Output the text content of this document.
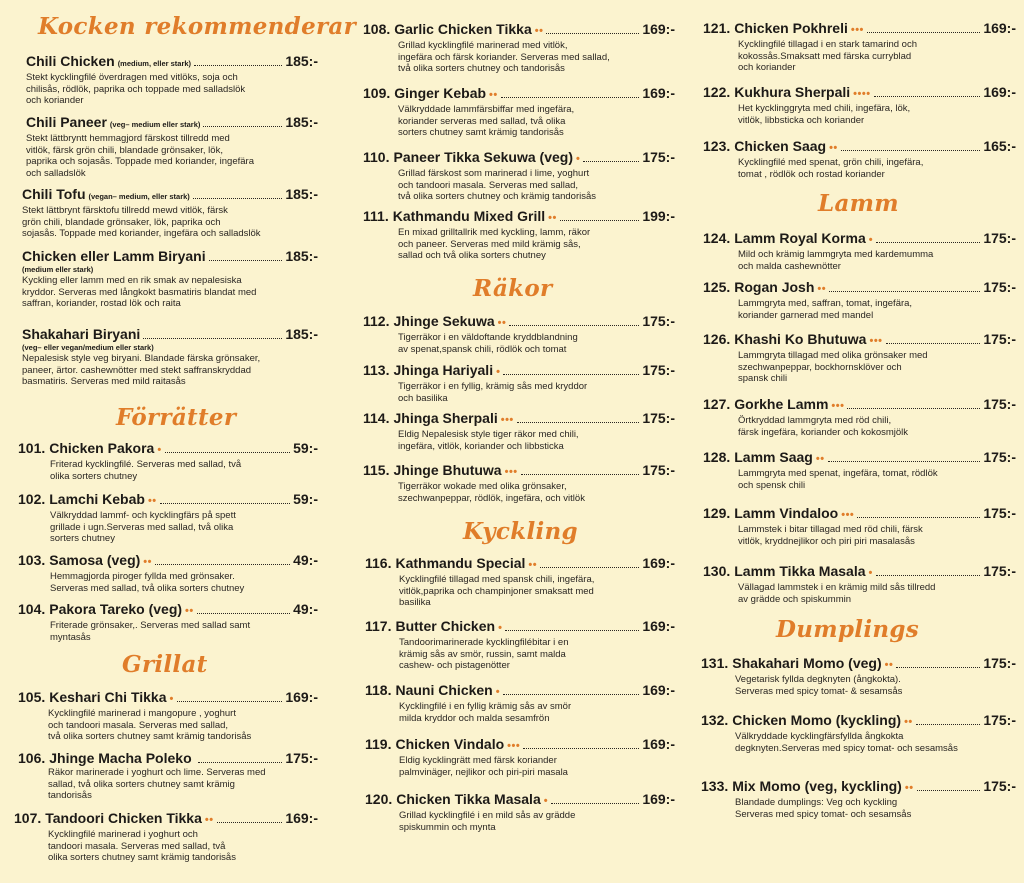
Kocken rekommenderar
Chili Chicken (medium, eller stark)	185:-

Stekt kycklingfilé överdragen med vitlöks, soja och
chilisås, rödlök, paprika och toppade med salladslök
och koriander

Chili Paneer (veg– medium eller stark)	185:-

Stekt lättbryntt hemmagjord färskost tillredd med
vitlök, färsk grön chili, blandade grönsaker, lök,
paprika och sojasås. Toppade med koriander, ingefära
och salladslök

Chili Tofu (vegan– medium, eller stark)	185:-

Stekt lättbrynt färsktofu tillredd mewd vitlök, färsk
grön chili, blandade grönsaker, lök, paprika och
sojasås. Toppade med koriander, ingefära och salladslök

Chicken eller Lamm Biryani	185:-

(medium eller stark)

Kyckling eller lamm med en rik smak av nepalesiska
kryddor. Serveras med långkokt basmatiris blandat med
saffran, koriander, rostad lök och raita

Shakahari Biryani	185:-

(veg– eller vegan/medium eller stark)

Nepalesisk style veg biryani. Blandade färska grönsaker,
paneer, ärtor. cashewnötter med stekt saffranskryddad
basmatiris. Serveras med mild raitasås

Förrätter
101. Chicken Pakora •	59:-

Friterad kycklingfilé. Serveras med sallad, två
olika sorters chutney

102. Lamchi Kebab ••	59:-

Välkryddad lammf- och kycklingfärs på spett
grillade i ugn.Serveras med sallad, två olika
sorters chutney

103. Samosa (veg) ••	49:-

Hemmagjorda piroger fyllda med grönsaker.
Serveras med sallad, två olika sorters chutney

104. Pakora Tareko (veg) ••	49:-

Friterade grönsaker,. Serveras med sallad samt
myntasås

Grillat
105. Keshari Chi Tikka •	169:-

Kycklingfilé marinerad i mangopure , yoghurt
och tandoori masala. Serveras med sallad,
två olika sorters chutney samt krämig tandorisås

106. Jhinge Macha Poleko	175:-

Räkor marinerade i yoghurt och lime. Serveras med
sallad, två olika sorters chutney samt krämig
tandorisås

107. Tandoori Chicken Tikka ••	169:-

Kycklingfilé marinerad i yoghurt och
tandoori masala. Serveras med sallad, två
olika sorters chutney samt krämig tandorisås

108. Garlic Chicken Tikka ••	169:-

Grillad kycklingfilé marinerad med vitlök,
ingefära och färsk koriander. Serveras med sallad,
två olika sorters chutney och tandorisås

109. Ginger Kebab ••	169:-

Välkryddade lammfärsbiffar med ingefära,
koriander serveras med sallad, två olika
sorters chutney samt krämig tandorisås

110. Paneer Tikka Sekuwa (veg) •	175:-

Grillad färskost som marinerad i lime, yoghurt
och tandoori masala. Serveras med sallad,
två olika sorters chutney och krämig tandorisås

111. Kathmandu Mixed Grill ••	199:-

En mixad grilltallrik med kyckling, lamm, räkor
och paneer. Serveras med mild krämig sås,
sallad och två olika sorters chutney

Räkor
112. Jhinge Sekuwa ••	175:-

Tigerräkor i en väldoftande kryddblandning
av spenat,spansk chili, rödlök och tomat

113. Jhinga Hariyali •	175:-

Tigerräkor i en fyllig, krämig sås med kryddor
och basilika

114. Jhinga Sherpali •••	175:-

Eldig Nepalesisk style tiger räkor med chili,
ingefära, vitlök, koriander och libbsticka

115. Jhinge Bhutuwa •••	175:-

Tigerräkor wokade med olika grönsaker,
szechwanpeppar, rödlök, ingefära, och vitlök

Kyckling
116. Kathmandu Special ••	169:-

Kycklingfilé tillagad med spansk chili, ingefära,
vitlök,paprika och champinjoner smaksatt med
basilika

117. Butter Chicken •	169:-

Tandoorimarinerade kycklingfilébitar i en
krämig sås av smör, russin, samt malda
cashew- och pistagenötter

118. Nauni Chicken •	169:-

Kycklingfilé i en fyllig krämig sås av smör
milda kryddor och malda sesamfrön

119. Chicken Vindalo •••	169:-

Eldig kycklingrätt med färsk koriander
palmvinäger, nejlikor och piri-piri masala

120. Chicken Tikka Masala •	169:-

Grillad kycklingfilé i en mild sås av grädde
spiskummin och mynta

121. Chicken Pokhreli •••	169:-

Kycklingfilé tillagad i en stark tamarind och
kokossås.Smaksatt med färska curryblad
och koriander

122. Kukhura Sherpali ••••	169:-

Het kycklinggryta med chili, ingefära, lök,
vitlök, libbsticka och koriander

123. Chicken Saag ••	165:-

Kycklingfilé med spenat, grön chili, ingefära,
tomat , rödlök och rostad koriander

Lamm
124. Lamm Royal Korma •	175:-

Mild och krämig lammgryta med kardemumma
och malda cashewnötter

125. Rogan Josh ••	175:-

Lammgryta med, saffran, tomat, ingefära,
koriander garnerad med mandel

126. Khashi Ko Bhutuwa •••	175:-

Lammgryta tillagad med olika grönsaker med
szechwanpeppar, bockhornsklöver och
spansk chili

127. Gorkhe Lamm •••	175:-

Örtkryddad lammgryta med röd chili,
färsk ingefära, koriander och kokosmjölk

128. Lamm Saag ••	175:-

Lammgryta med spenat, ingefära, tomat, rödlök
och spensk chili

129. Lamm Vindaloo •••	175:-

Lammstek i bitar tillagad med röd chili, färsk
vitlök, kryddnejlikor och piri piri masalasås

130. Lamm Tikka Masala •	175:-

Vällagad lammstek i en krämig mild sås tillredd
av grädde och spiskummin

Dumplings
131. Shakahari Momo (veg) ••	175:-

Vegetarisk fyllda degknyten (ångkokta).
Serveras med spicy tomat- & sesamsås

132. Chicken Momo (kyckling) ••	175:-

Välkryddade kycklingfärsfyllda ångkokta
degknyten.Serveras med spicy tomat- och sesamsås

133. Mix Momo (veg, kyckling) ••	175:-

Blandade dumplings: Veg och kyckling
Serveras med spicy tomat- och sesamsås
